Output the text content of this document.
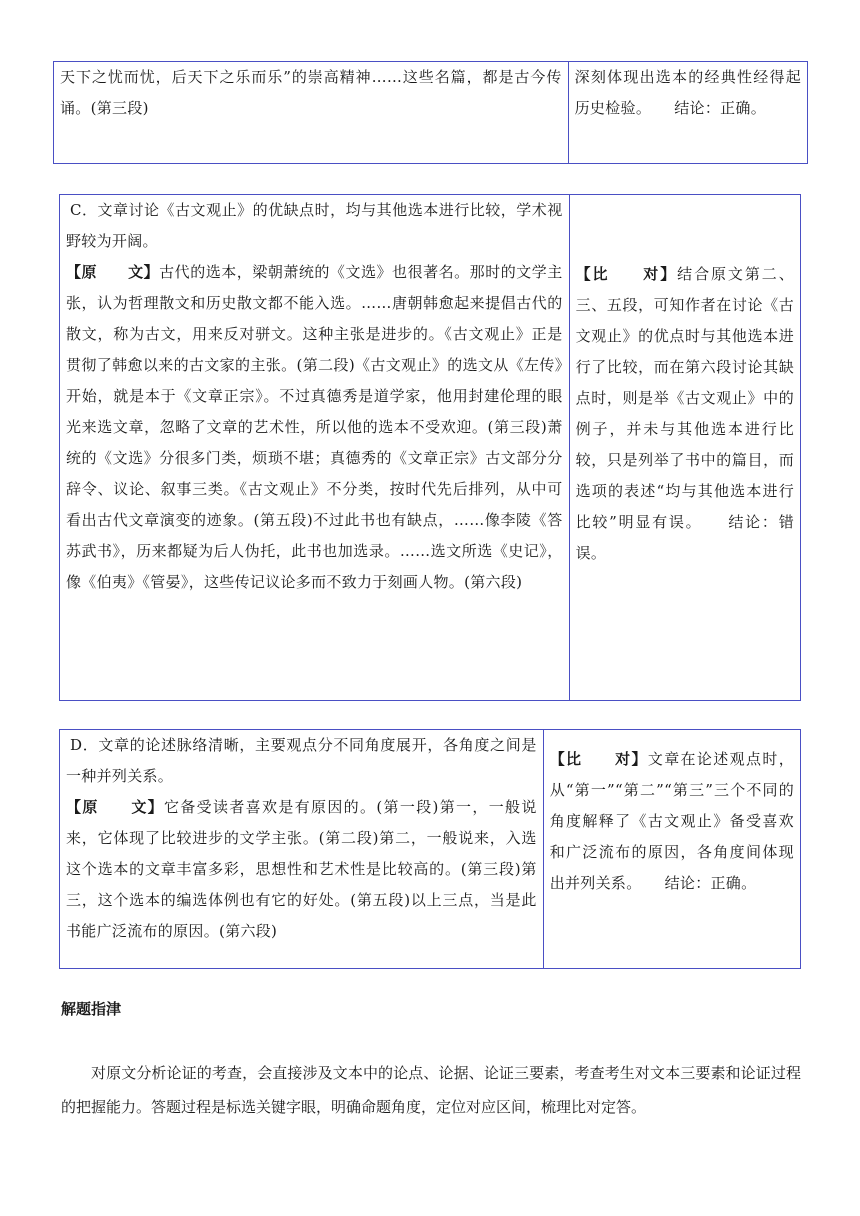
天下之忧而忧，后天下之乐而乐”的崇高精神……这些名篇，都是古今传诵。(第三段)

深刻体现出选本的经典性经得起历史检验。　　结论：正确。

C．文章讨论《古文观止》的优缺点时，均与其他选本进行比较，学术视野较为开阔。

【原　　文】古代的选本，梁朝萧统的《文选》也很著名。那时的文学主张，认为哲理散文和历史散文都不能入选。……唐朝韩愈起来提倡古代的散文，称为古文，用来反对骈文。这种主张是进步的。《古文观止》正是贯彻了韩愈以来的古文家的主张。(第二段)《古文观止》的选文从《左传》开始，就是本于《文章正宗》。不过真德秀是道学家，他用封建伦理的眼光来选文章，忽略了文章的艺术性，所以他的选本不受欢迎。(第三段)萧统的《文选》分很多门类，烦琐不堪；真德秀的《文章正宗》古文部分分辞令、议论、叙事三类。《古文观止》不分类，按时代先后排列，从中可看出古代文章演变的迹象。(第五段)不过此书也有缺点，……像李陵《答苏武书》，历来都疑为后人伪托，此书也加选录。……选文所选《史记》，像《伯夷》《管晏》，这些传记议论多而不致力于刻画人物。(第六段)

【比　　对】结合原文第二、三、五段，可知作者在讨论《古文观止》的优点时与其他选本进行了比较，而在第六段讨论其缺点时，则是举《古文观止》中的例子，并未与其他选本进行比较，只是列举了书中的篇目，而选项的表述“均与其他选本进行比较”明显有误。　　结论：错误。

D．文章的论述脉络清晰，主要观点分不同角度展开，各角度之间是一种并列关系。

【原　　文】它备受读者喜欢是有原因的。(第一段)第一，一般说来，它体现了比较进步的文学主张。(第二段)第二，一般说来，入选这个选本的文章丰富多彩，思想性和艺术性是比较高的。(第三段)第三，这个选本的编选体例也有它的好处。(第五段)以上三点，当是此书能广泛流布的原因。(第六段)

【比　　对】文章在论述观点时，从“第一”“第二”“第三”三个不同的角度解释了《古文观止》备受喜欢和广泛流布的原因，各角度间体现出并列关系。　　结论：正确。

解题指津

对原文分析论证的考查，会直接涉及文本中的论点、论据、论证三要素，考查考生对文本三要素和论证过程的把握能力。答题过程是标选关键字眼，明确命题角度，定位对应区间，梳理比对定答。
